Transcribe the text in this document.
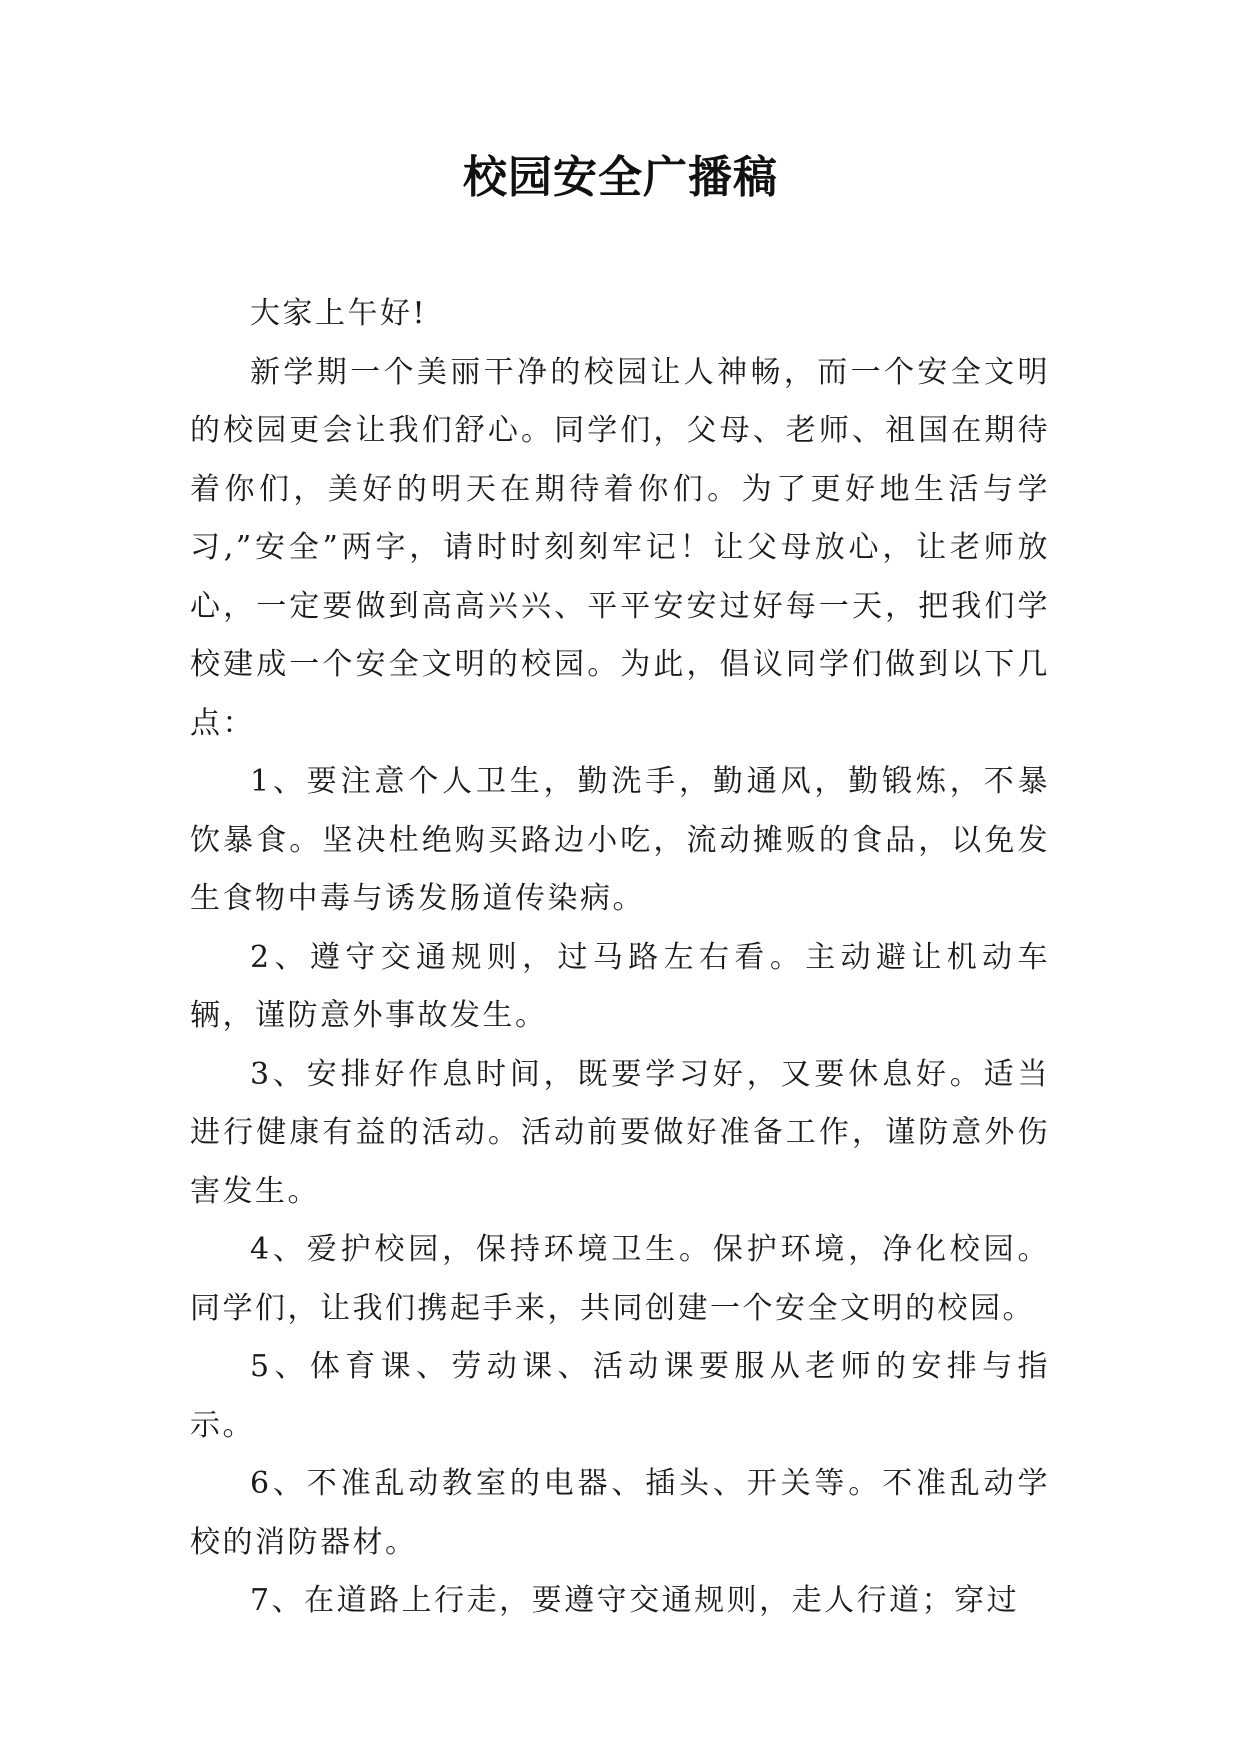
校园安全广播稿

大家上午好!

新学期一个美丽干净的校园让人神畅，而一个安全文明的校园更会让我们舒心。同学们，父母、老师、祖国在期待着你们，美好的明天在期待着你们。为了更好地生活与学习,”安全”两字，请时时刻刻牢记！让父母放心，让老师放心，一定要做到高高兴兴、平平安安过好每一天，把我们学校建成一个安全文明的校园。为此，倡议同学们做到以下几点：

1、要注意个人卫生，勤洗手，勤通风，勤锻炼，不暴饮暴食。坚决杜绝购买路边小吃，流动摊贩的食品，以免发生食物中毒与诱发肠道传染病。

2、遵守交通规则，过马路左右看。主动避让机动车辆，谨防意外事故发生。

3、安排好作息时间，既要学习好，又要休息好。适当进行健康有益的活动。活动前要做好准备工作，谨防意外伤害发生。

4、爱护校园，保持环境卫生。保护环境，净化校园。同学们，让我们携起手来，共同创建一个安全文明的校园。

5、体育课、劳动课、活动课要服从老师的安排与指示。

6、不准乱动教室的电器、插头、开关等。不准乱动学校的消防器材。

7、在道路上行走，要遵守交通规则，走人行道；穿过
